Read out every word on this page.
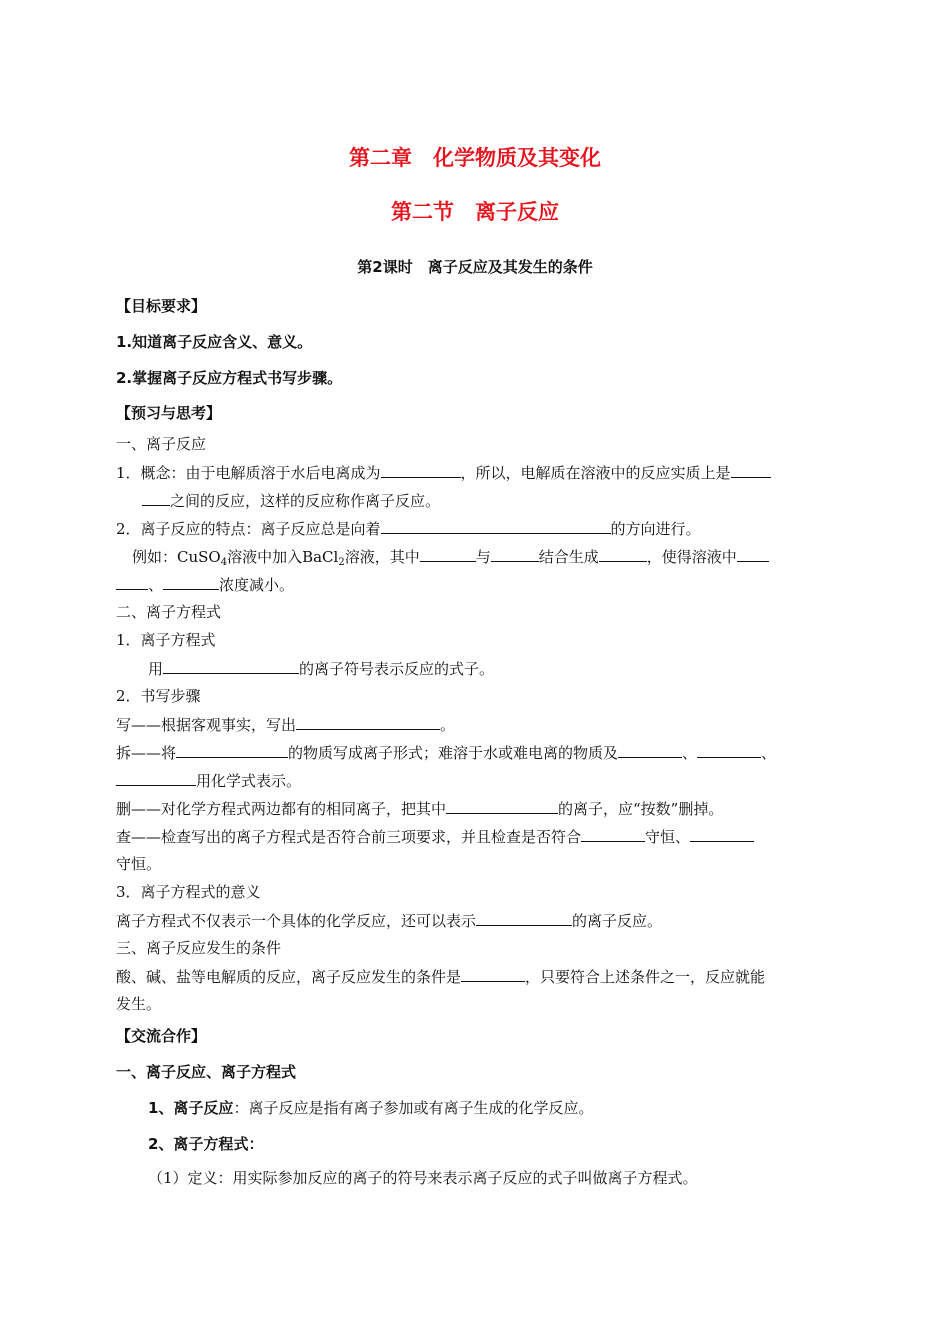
第二章　化学物质及其变化
第二节　离子反应
第2课时　离子反应及其发生的条件
【目标要求】
1.知道离子反应含义、意义。
2.掌握离子反应方程式书写步骤。
【预习与思考】
一、离子反应
1．概念：由于电解质溶于水后电离成为	，所以，电解质在溶液中的反应实质上是
之间的反应，这样的反应称作离子反应。
2．离子反应的特点：离子反应总是向着	的方向进行。
例如：CuSO$_4$溶液中加入BaCl$_2$溶液，其中	与	结合生成	，使得溶液中
、	浓度减小。
二、离子方程式
1．离子方程式
用	的离子符号表示反应的式子。
2．书写步骤
写——根据客观事实，写出	。
拆——将	的物质写成离子形式；难溶于水或难电离的物质及	、	、
用化学式表示。
删——对化学方程式两边都有的相同离子，把其中	的离子，应“按数”删掉。
查——检查写出的离子方程式是否符合前三项要求，并且检查是否符合	守恒、
守恒。
3．离子方程式的意义
离子方程式不仅表示一个具体的化学反应，还可以表示	的离子反应。
三、离子反应发生的条件
酸、碱、盐等电解质的反应，离子反应发生的条件是	，只要符合上述条件之一，反应就能
发生。
【交流合作】
一、离子反应、离子方程式
1、离子反应：离子反应是指有离子参加或有离子生成的化学反应。
2、离子方程式：
（1）定义：用实际参加反应的离子的符号来表示离子反应的式子叫做离子方程式。
